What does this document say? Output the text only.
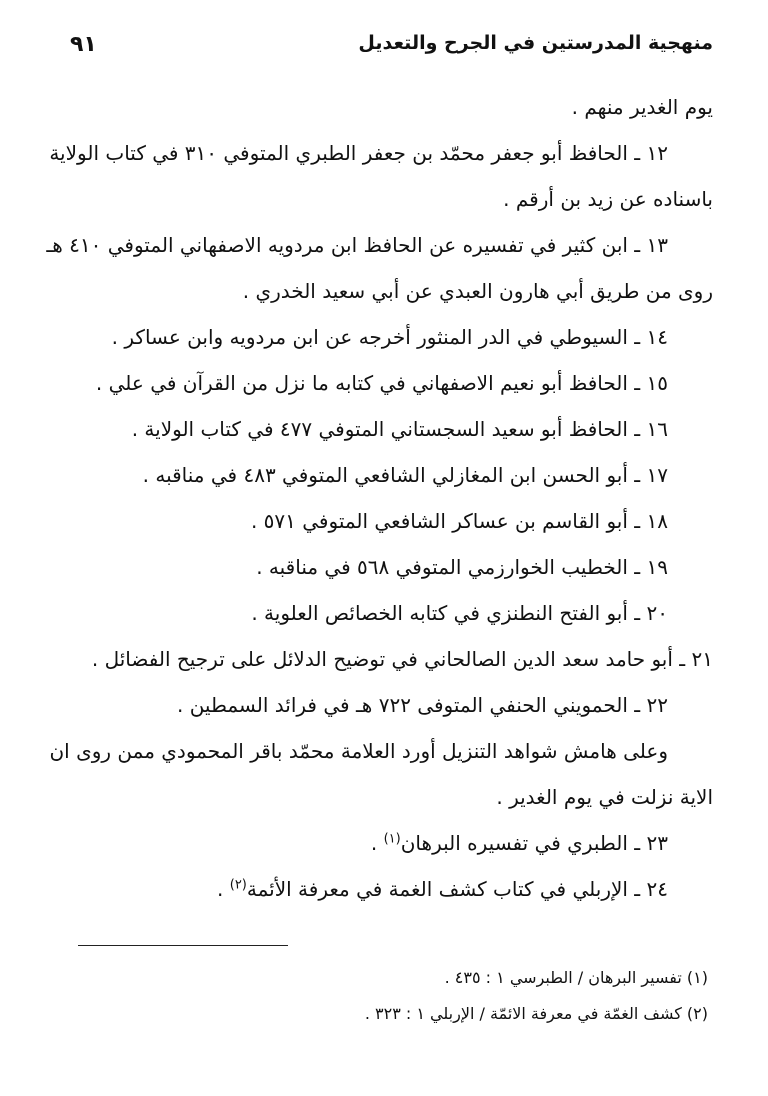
منهجية المدرستين في الجرح والتعديل
٩١

يوم الغدير منهم .

١٢ ـ الحافظ أبو جعفر محمّد بن جعفر الطبري المتوفي ٣١٠ في كتاب الولاية

باسناده عن زيد بن أرقم .

١٣ ـ ابن كثير في تفسيره عن الحافظ ابن مردويه الاصفهاني المتوفي ٤١٠ هـ

روى من طريق أبي هارون العبدي عن أبي سعيد الخدري .

١٤ ـ السيوطي في الدر المنثور أخرجه عن ابن مردويه وابن عساكر .

١٥ ـ الحافظ أبو نعيم الاصفهاني في كتابه ما نزل من القرآن في علي .

١٦ ـ الحافظ أبو سعيد السجستاني المتوفي ٤٧٧ في كتاب الولاية .

١٧ ـ أبو الحسن ابن المغازلي الشافعي المتوفي ٤٨٣ في مناقبه .

١٨ ـ أبو القاسم بن عساكر الشافعي المتوفي ٥٧١ .

١٩ ـ الخطيب الخوارزمي المتوفي ٥٦٨ في مناقبه .

٢٠ ـ أبو الفتح النطنزي في كتابه الخصائص العلوية .

٢١ ـ أبو حامد سعد الدين الصالحاني في توضيح الدلائل على ترجيح الفضائل .

٢٢ ـ الحمويني الحنفي المتوفى ٧٢٢ هـ في فرائد السمطين .

وعلى هامش شواهد التنزيل أورد العلامة محمّد باقر المحمودي ممن روى ان

الاية نزلت في يوم الغدير .

٢٣ ـ الطبري في تفسيره البرهان$^{(١)}$ .

٢٤ ـ الإربلي في كتاب كشف الغمة في معرفة الأئمة$^{(٢)}$ .

(١) تفسير البرهان / الطبرسي ١ : ٤٣٥ .
(٢) كشف الغمّة في معرفة الائمّة / الإربلي ١ : ٣٢٣ .
